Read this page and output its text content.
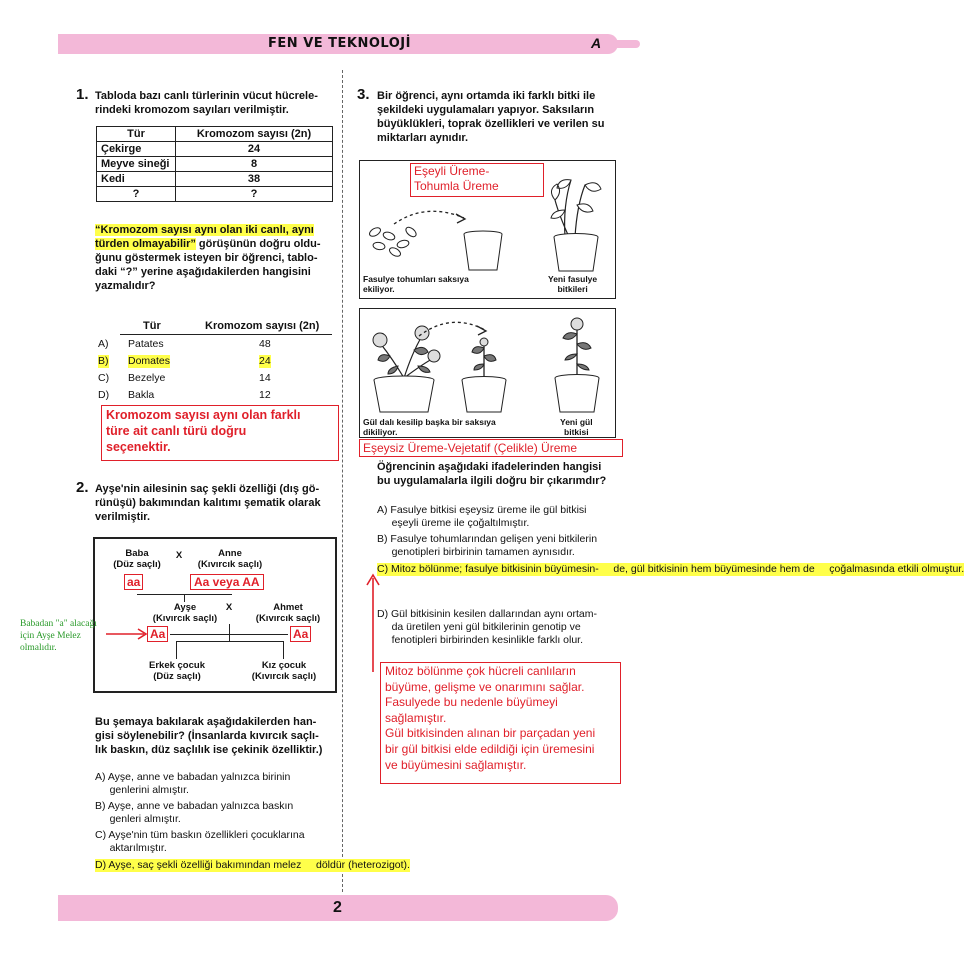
FEN VE TEKNOLOJİ	A
2
1. Tabloda bazı canlı türlerinin vücut hücrele-
rindeki kromozom sayıları verilmiştir.
Tür	Kromozom sayısı (2n)
Çekirge	24
Meyve sineği	8
Kedi	38
?	?
“Kromozom sayısı aynı olan iki canlı, aynı
türden olmayabilir” görüşünün doğru oldu-
ğunu göstermek isteyen bir öğrenci, tablo-
daki “?” yerine aşağıdakilerden hangisini
yazmalıdır?
Tür	Kromozom sayısı (2n)
A) Patates	48
B) Domates	24
C) Bezelye	14
D) Bakla	12
Kromozom sayısı aynı olan farklı
türe ait canlı türü doğru
seçenektir.
2. Ayşe'nin ailesinin saç şekli özelliği (dış gö-
rünüşü) bakımından kalıtımı şematik olarak
verilmiştir.
Baba
(Düz saçlı)
X	Anne
(Kıvırcık saçlı)
aa	Aa veya AA
Ayşe
(Kıvırcık saçlı)
X	Ahmet
(Kıvırcık saçlı)
Aa	Aa
Erkek çocuk
(Düz saçlı)
Kız çocuk
(Kıvırcık saçlı)
Babadan "a" alacağı
için Ayşe Melez
olmalıdır.
Bu şemaya bakılarak aşağıdakilerden han-
gisi söylenebilir? (İnsanlarda kıvırcık saçlı-
lık baskın, düz saçlılık ise çekinik özelliktir.)
A) Ayşe, anne ve babadan yalnızca birinin
genlerini almıştır.
B) Ayşe, anne ve babadan yalnızca baskın
genleri almıştır.
C) Ayşe'nin tüm baskın özellikleri çocuklarına
aktarılmıştır.
D) Ayşe, saç şekli özelliği bakımından melez     döldür (heterozigot).
3. Bir öğrenci, aynı ortamda iki farklı bitki ile
şekildeki uygulamaları yapıyor. Saksıların
büyüklükleri, toprak özellikleri ve verilen su
miktarları aynıdır.
Eşeyli Üreme-
Tohumla Üreme
Fasulye tohumları saksıya
ekiliyor.
Yeni fasulye
bitkileri
Gül dalı kesilip başka bir saksıya
dikiliyor.
Yeni gül
bitkisi
Eşeysiz Üreme-Vejetatif (Çelikle) Üreme
Öğrencinin aşağıdaki ifadelerinden hangisi
bu uygulamalarla ilgili doğru bir çıkarımdır?
A) Fasulye bitkisi eşeysiz üreme ile gül bitkisi
eşeyli üreme ile çoğaltılmıştır.
B) Fasulye tohumlarından gelişen yeni bitkilerin
genotipleri birbirinin tamamen aynısıdır.
C) Mitoz bölünme; fasulye bitkisinin büyümesin-     de, gül bitkisinin hem büyümesinde hem de     çoğalmasında etkili olmuştur.
D) Gül bitkisinin kesilen dallarından aynı ortam-
da üretilen yeni gül bitkilerinin genotip ve
fenotipleri birbirinden kesinlikle farklı olur.
Mitoz bölünme çok hücreli canlıların
büyüme, gelişme ve onarımını sağlar.
Fasulyede bu nedenle büyümeyi
sağlamıştır.
Gül bitkisinden alınan bir parçadan yeni
bir gül bitkisi elde edildiği için üremesini
ve büyümesini sağlamıştır.
